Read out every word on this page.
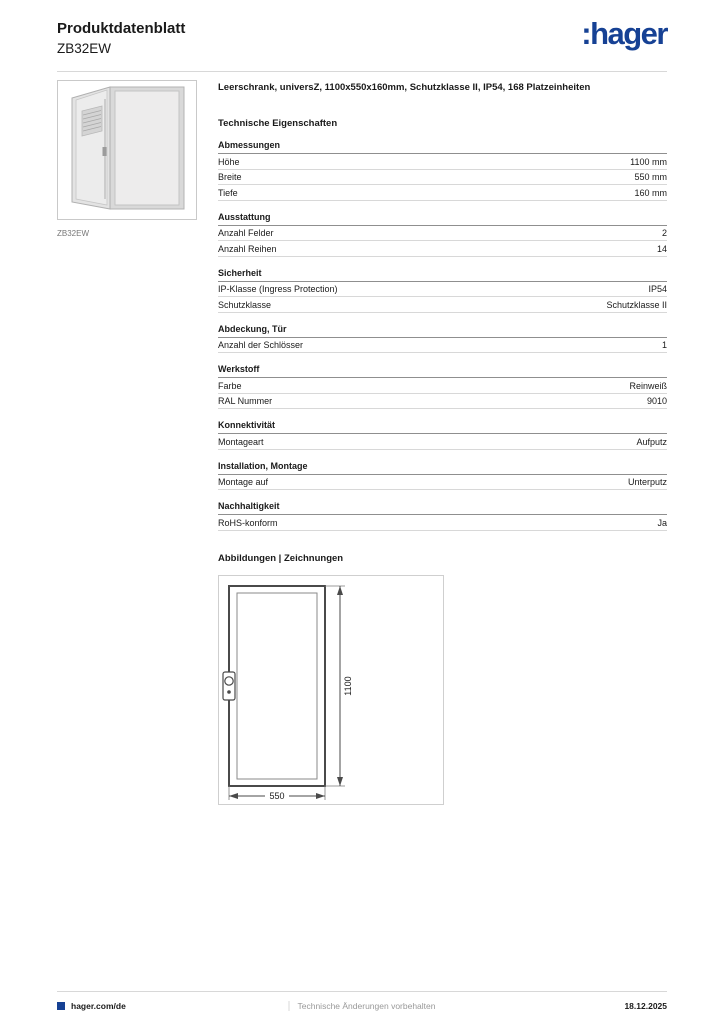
Produktdatenblatt
ZB32EW	:hager
ZB32EW
Leerschrank, universZ, 1100x550x160mm, Schutzklasse II, IP54, 168 Platzeinheiten
Technische Eigenschaften
Abmessungen
Höhe	1100 mm
Breite	550 mm
Tiefe	160 mm
Ausstattung
Anzahl Felder	2
Anzahl Reihen	14
Sicherheit
IP-Klasse (Ingress Protection)	IP54
Schutzklasse	Schutzklasse II
Abdeckung, Tür
Anzahl der Schlösser	1
Werkstoff
Farbe	Reinweiß
RAL Nummer	9010
Konnektivität
Montageart	Aufputz
Installation, Montage
Montage auf	Unterputz
Nachhaltigkeit
RoHS-konform	Ja
Abbildungen | Zeichnungen
1100
550
hager.com/de	Technische Änderungen vorbehalten	18.12.2025
